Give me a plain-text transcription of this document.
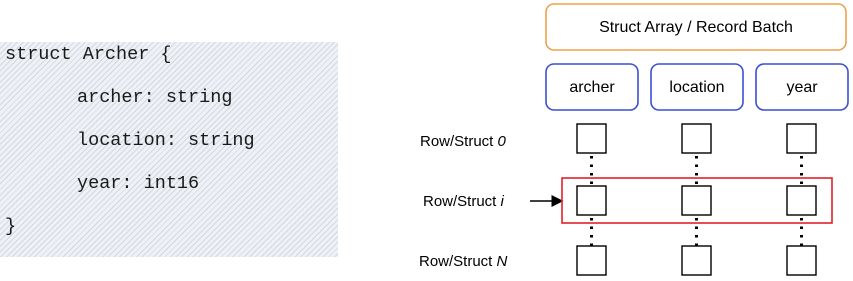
struct Archer {
archer: string
location: string
year: int16
}
Struct Array / Record Batch
archer	location	year
Row/Struct 0
Row/Struct i
Row/Struct N
